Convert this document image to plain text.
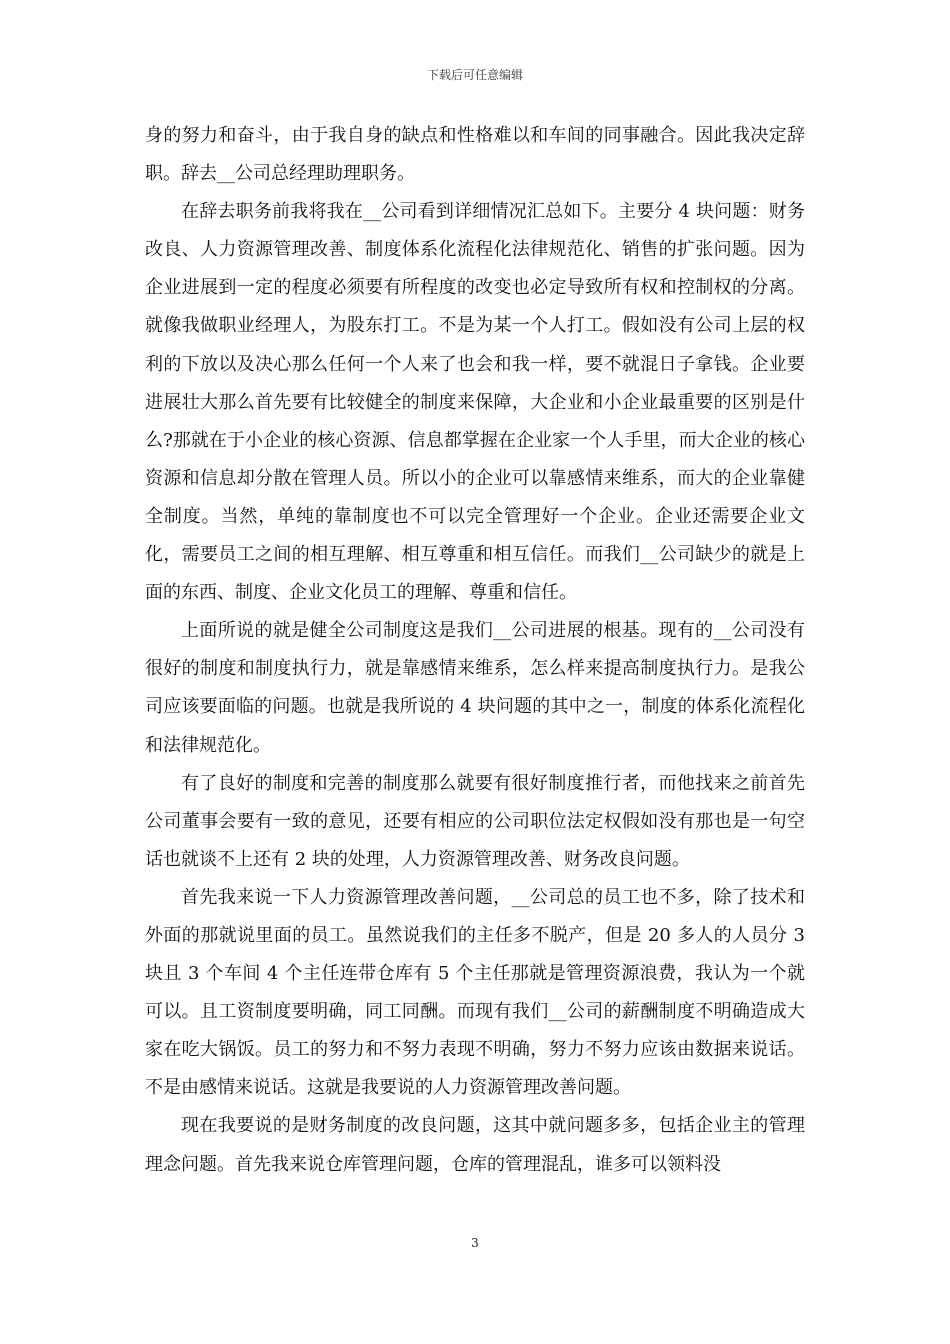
下载后可任意编辑

身的努力和奋斗，由于我自身的缺点和性格难以和车间的同事融合。因此我决定辞职。辞去__公司总经理助理职务。

在辞去职务前我将我在__公司看到详细情况汇总如下。主要分 4 块问题：财务改良、人力资源管理改善、制度体系化流程化法律规范化、销售的扩张问题。因为企业进展到一定的程度必须要有所程度的改变也必定导致所有权和控制权的分离。就像我做职业经理人，为股东打工。不是为某一个人打工。假如没有公司上层的权利的下放以及决心那么任何一个人来了也会和我一样，要不就混日子拿钱。企业要进展壮大那么首先要有比较健全的制度来保障，大企业和小企业最重要的区别是什么?那就在于小企业的核心资源、信息都掌握在企业家一个人手里，而大企业的核心资源和信息却分散在管理人员。所以小的企业可以靠感情来维系，而大的企业靠健全制度。当然，单纯的靠制度也不可以完全管理好一个企业。企业还需要企业文化，需要员工之间的相互理解、相互尊重和相互信任。而我们__公司缺少的就是上面的东西、制度、企业文化员工的理解、尊重和信任。

上面所说的就是健全公司制度这是我们__公司进展的根基。现有的__公司没有很好的制度和制度执行力，就是靠感情来维系，怎么样来提高制度执行力。是我公司应该要面临的问题。也就是我所说的 4 块问题的其中之一，制度的体系化流程化和法律规范化。

有了良好的制度和完善的制度那么就要有很好制度推行者，而他找来之前首先公司董事会要有一致的意见，还要有相应的公司职位法定权假如没有那也是一句空话也就谈不上还有 2 块的处理，人力资源管理改善、财务改良问题。

首先我来说一下人力资源管理改善问题，__公司总的员工也不多，除了技术和外面的那就说里面的员工。虽然说我们的主任多不脱产，但是 20 多人的人员分 3 块且 3 个车间 4 个主任连带仓库有 5 个主任那就是管理资源浪费，我认为一个就可以。且工资制度要明确，同工同酬。而现有我们__公司的薪酬制度不明确造成大家在吃大锅饭。员工的努力和不努力表现不明确，努力不努力应该由数据来说话。不是由感情来说话。这就是我要说的人力资源管理改善问题。

现在我要说的是财务制度的改良问题，这其中就问题多多，包括企业主的管理理念问题。首先我来说仓库管理问题，仓库的管理混乱，谁多可以领料没

3
